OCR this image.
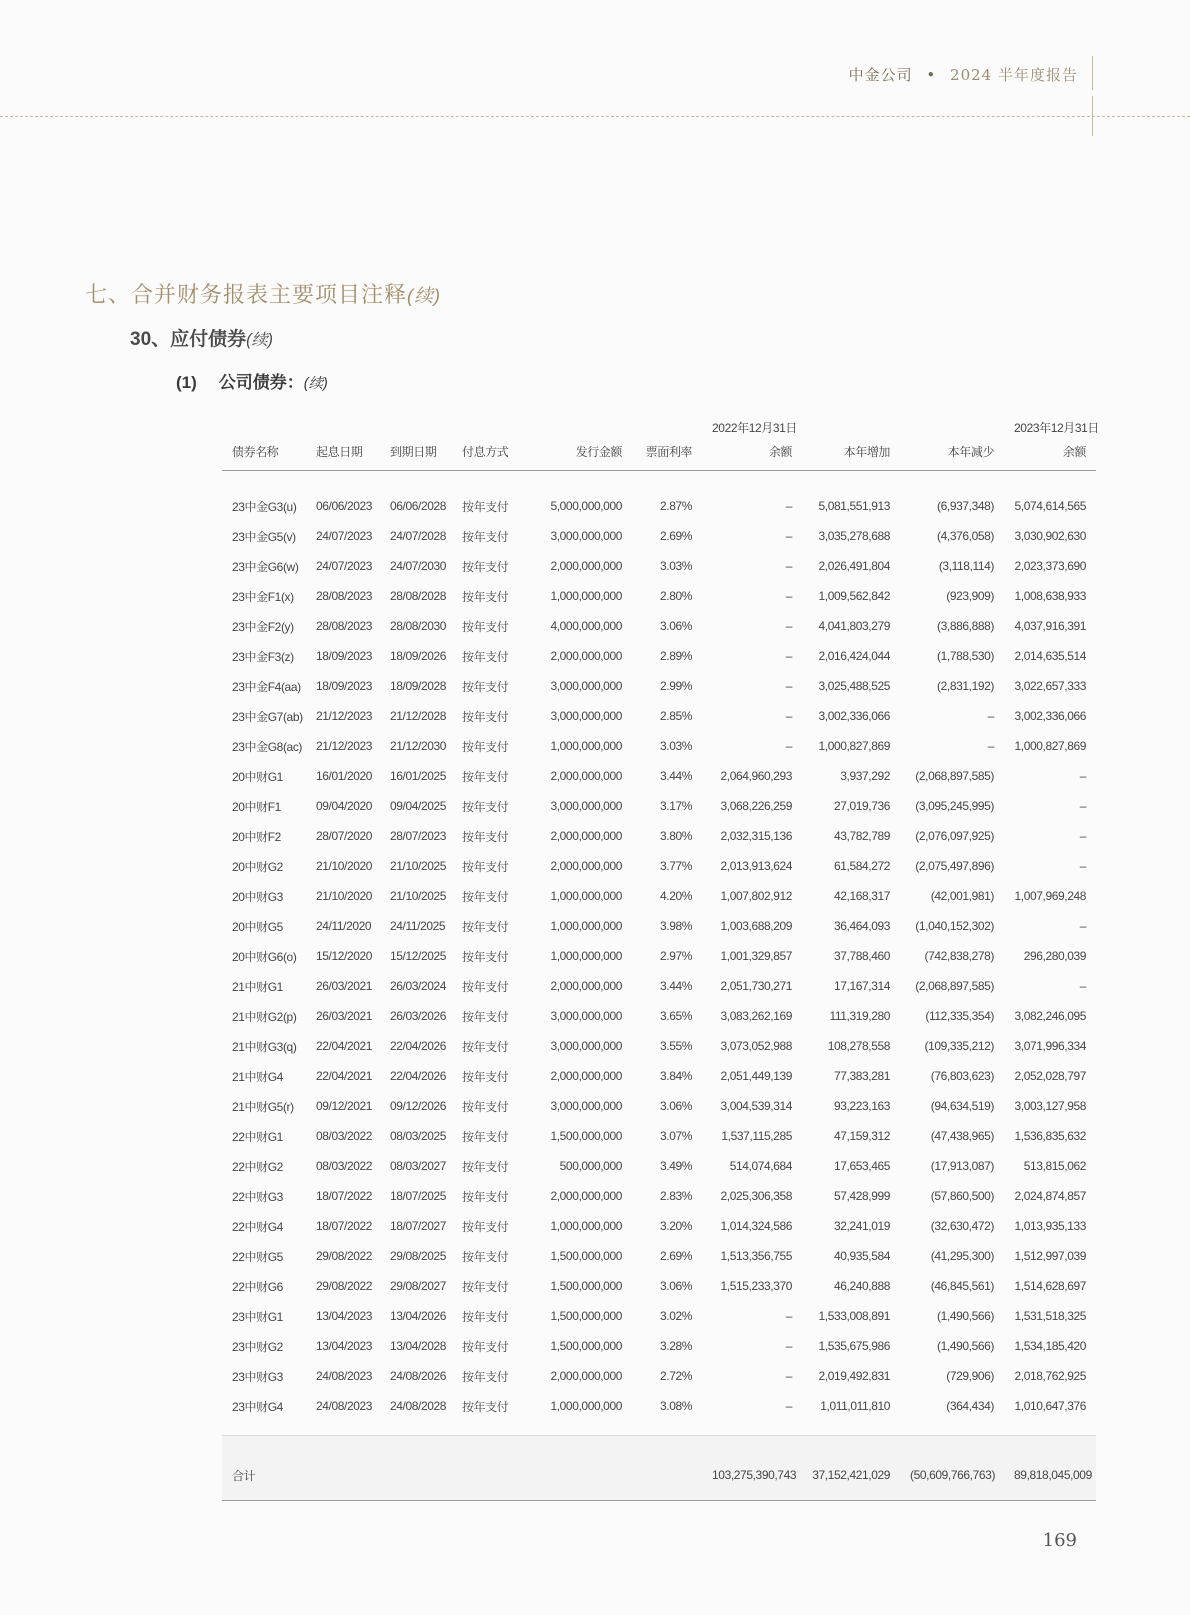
中金公司 • 2024 半年度报告
七、合并财务报表主要项目注释(续)
30、应付债券(续)
(1) 公司债券：(续)
						2022年12月31日			2023年12月31日
债券名称	起息日期	到期日期	付息方式	发行金额	票面利率	余额	本年增加	本年减少	余额

23中金G3(u)	06/06/2023	06/06/2028	按年支付	5,000,000,000	2.87%	–	5,081,551,913	(6,937,348)	5,074,614,565
23中金G5(v)	24/07/2023	24/07/2028	按年支付	3,000,000,000	2.69%	–	3,035,278,688	(4,376,058)	3,030,902,630
23中金G6(w)	24/07/2023	24/07/2030	按年支付	2,000,000,000	3.03%	–	2,026,491,804	(3,118,114)	2,023,373,690
23中金F1(x)	28/08/2023	28/08/2028	按年支付	1,000,000,000	2.80%	–	1,009,562,842	(923,909)	1,008,638,933
23中金F2(y)	28/08/2023	28/08/2030	按年支付	4,000,000,000	3.06%	–	4,041,803,279	(3,886,888)	4,037,916,391
23中金F3(z)	18/09/2023	18/09/2026	按年支付	2,000,000,000	2.89%	–	2,016,424,044	(1,788,530)	2,014,635,514
23中金F4(aa)	18/09/2023	18/09/2028	按年支付	3,000,000,000	2.99%	–	3,025,488,525	(2,831,192)	3,022,657,333
23中金G7(ab)	21/12/2023	21/12/2028	按年支付	3,000,000,000	2.85%	–	3,002,336,066	–	3,002,336,066
23中金G8(ac)	21/12/2023	21/12/2030	按年支付	1,000,000,000	3.03%	–	1,000,827,869	–	1,000,827,869
20中财G1	16/01/2020	16/01/2025	按年支付	2,000,000,000	3.44%	2,064,960,293	3,937,292	(2,068,897,585)	–
20中财F1	09/04/2020	09/04/2025	按年支付	3,000,000,000	3.17%	3,068,226,259	27,019,736	(3,095,245,995)	–
20中财F2	28/07/2020	28/07/2023	按年支付	2,000,000,000	3.80%	2,032,315,136	43,782,789	(2,076,097,925)	–
20中财G2	21/10/2020	21/10/2025	按年支付	2,000,000,000	3.77%	2,013,913,624	61,584,272	(2,075,497,896)	–
20中财G3	21/10/2020	21/10/2025	按年支付	1,000,000,000	4.20%	1,007,802,912	42,168,317	(42,001,981)	1,007,969,248
20中财G5	24/11/2020	24/11/2025	按年支付	1,000,000,000	3.98%	1,003,688,209	36,464,093	(1,040,152,302)	–
20中财G6(o)	15/12/2020	15/12/2025	按年支付	1,000,000,000	2.97%	1,001,329,857	37,788,460	(742,838,278)	296,280,039
21中财G1	26/03/2021	26/03/2024	按年支付	2,000,000,000	3.44%	2,051,730,271	17,167,314	(2,068,897,585)	–
21中财G2(p)	26/03/2021	26/03/2026	按年支付	3,000,000,000	3.65%	3,083,262,169	111,319,280	(112,335,354)	3,082,246,095
21中财G3(q)	22/04/2021	22/04/2026	按年支付	3,000,000,000	3.55%	3,073,052,988	108,278,558	(109,335,212)	3,071,996,334
21中财G4	22/04/2021	22/04/2026	按年支付	2,000,000,000	3.84%	2,051,449,139	77,383,281	(76,803,623)	2,052,028,797
21中财G5(r)	09/12/2021	09/12/2026	按年支付	3,000,000,000	3.06%	3,004,539,314	93,223,163	(94,634,519)	3,003,127,958
22中财G1	08/03/2022	08/03/2025	按年支付	1,500,000,000	3.07%	1,537,115,285	47,159,312	(47,438,965)	1,536,835,632
22中财G2	08/03/2022	08/03/2027	按年支付	500,000,000	3.49%	514,074,684	17,653,465	(17,913,087)	513,815,062
22中财G3	18/07/2022	18/07/2025	按年支付	2,000,000,000	2.83%	2,025,306,358	57,428,999	(57,860,500)	2,024,874,857
22中财G4	18/07/2022	18/07/2027	按年支付	1,000,000,000	3.20%	1,014,324,586	32,241,019	(32,630,472)	1,013,935,133
22中财G5	29/08/2022	29/08/2025	按年支付	1,500,000,000	2.69%	1,513,356,755	40,935,584	(41,295,300)	1,512,997,039
22中财G6	29/08/2022	29/08/2027	按年支付	1,500,000,000	3.06%	1,515,233,370	46,240,888	(46,845,561)	1,514,628,697
23中财G1	13/04/2023	13/04/2026	按年支付	1,500,000,000	3.02%	–	1,533,008,891	(1,490,566)	1,531,518,325
23中财G2	13/04/2023	13/04/2028	按年支付	1,500,000,000	3.28%	–	1,535,675,986	(1,490,566)	1,534,185,420
23中财G3	24/08/2023	24/08/2026	按年支付	2,000,000,000	2.72%	–	2,019,492,831	(729,906)	2,018,762,925
23中财G4	24/08/2023	24/08/2028	按年支付	1,000,000,000	3.08%	–	1,011,011,810	(364,434)	1,010,647,376

合计						103,275,390,743	37,152,421,029	(50,609,766,763)	89,818,045,009
169
